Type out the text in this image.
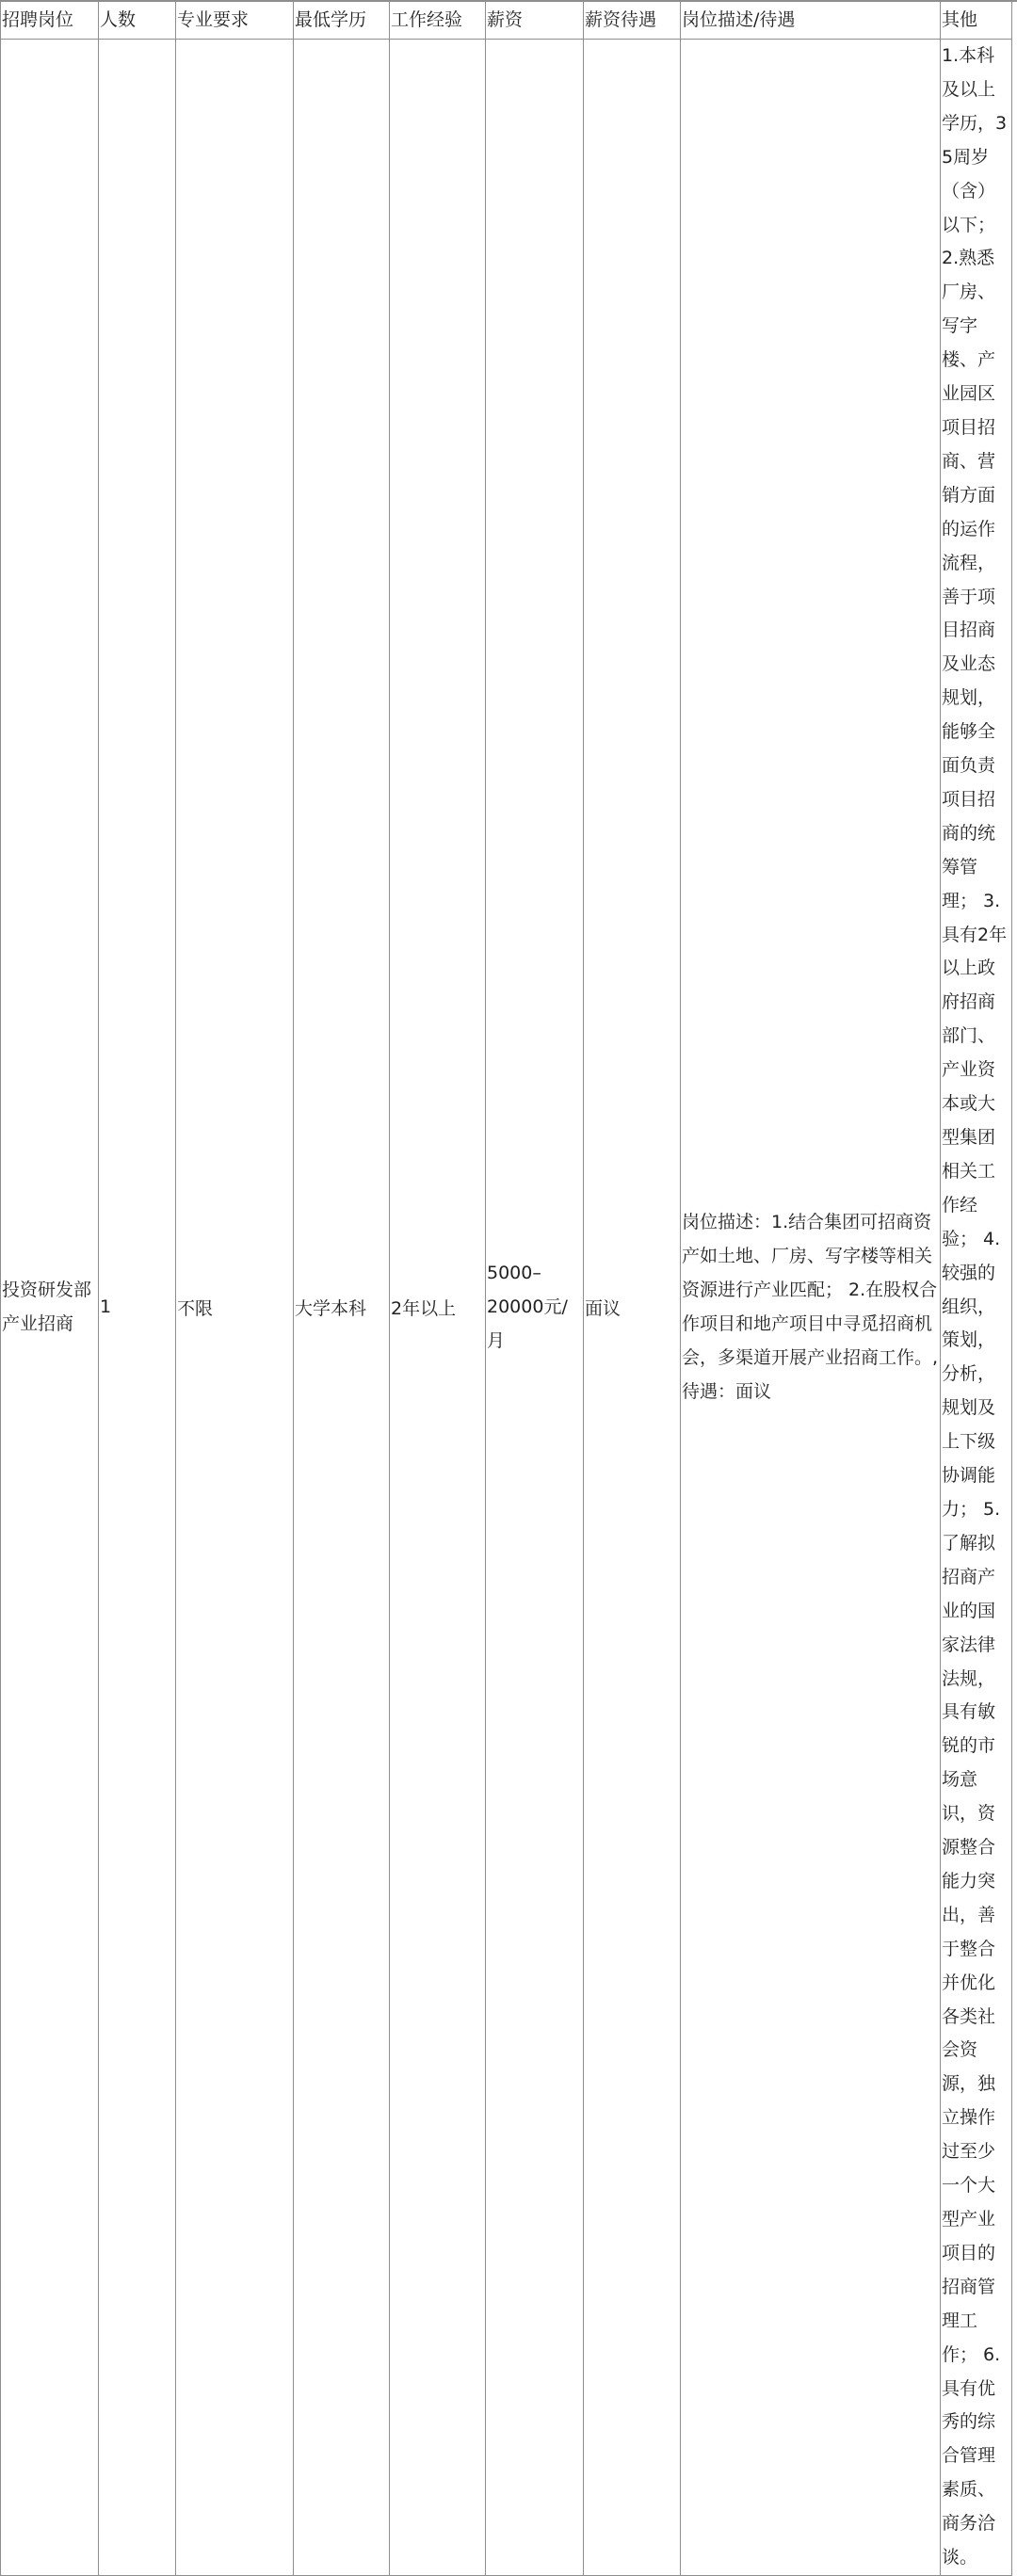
招聘岗位	人数	专业要求	最低学历	工作经验	薪资	薪资待遇	岗位描述/待遇	其他
投资研发部产业招商	1	不限	大学本科	2年以上	5000–20000元/月	面议	岗位描述：1.结合集团可招商资产如土地、厂房、写字楼等相关资源进行产业匹配； 2.在股权合作项目和地产项目中寻觅招商机会，多渠道开展产业招商工作。,待遇：面议	1.本科及以上学历，35周岁（含）以下； 2.熟悉厂房、写字楼、产业园区项目招商、营销方面的运作流程，善于项目招商及业态规划，能够全面负责项目招商的统筹管理； 3.具有2年以上政府招商部门、产业资本或大型集团相关工作经验； 4.较强的组织，策划，分析，规划及上下级协调能力； 5.了解拟招商产业的国家法律法规，具有敏锐的市场意识，资源整合能力突出，善于整合并优化各类社会资源，独立操作过至少一个大型产业项目的招商管理工作； 6.具有优秀的综合管理素质、商务洽谈。
